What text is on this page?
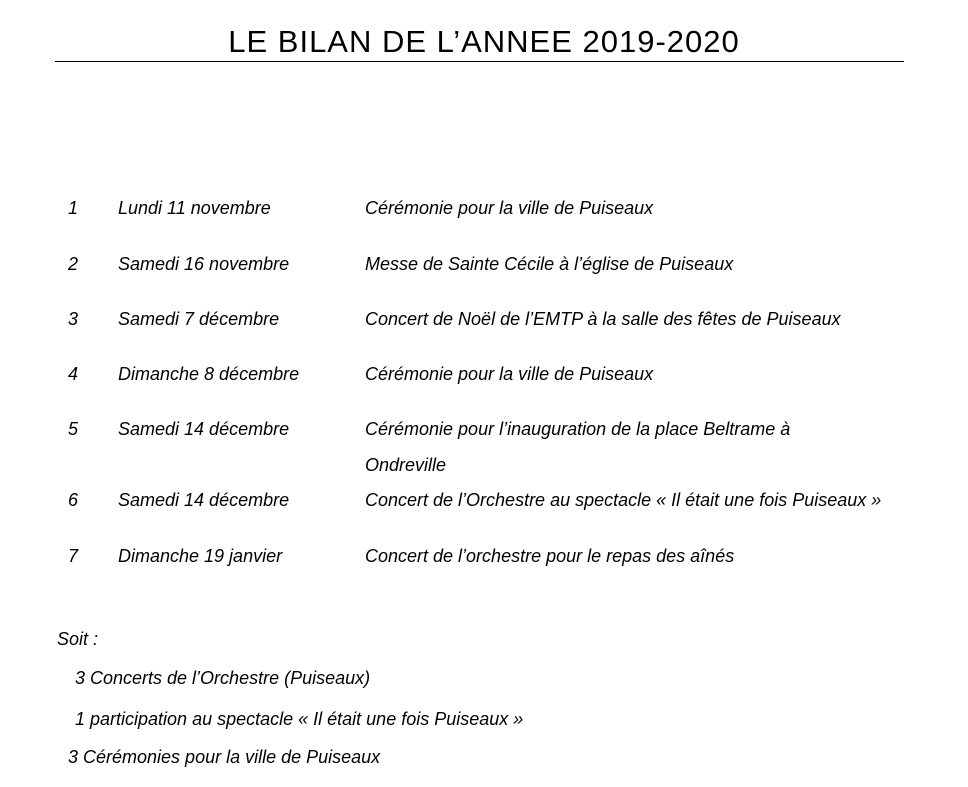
LE BILAN DE L’ANNEE 2019-2020
1 Lundi 11 novembre	Cérémonie pour la ville de Puiseaux
2 Samedi 16 novembre	Messe de Sainte Cécile à l’église de Puiseaux
3 Samedi 7 décembre	Concert de Noël de l’EMTP à la salle des fêtes de Puiseaux
4 Dimanche 8 décembre	Cérémonie pour la ville de Puiseaux
5 Samedi 14 décembre	Cérémonie pour l’inauguration de la place Beltrame à
Ondreville
6 Samedi 14 décembre	Concert de l’Orchestre au spectacle « Il était une fois Puiseaux »
7 Dimanche 19 janvier	Concert de l’orchestre pour le repas des aînés
Soit :
3 Concerts de l’Orchestre (Puiseaux)
1 participation au spectacle « Il était une fois Puiseaux »
3 Cérémonies pour la ville de Puiseaux
